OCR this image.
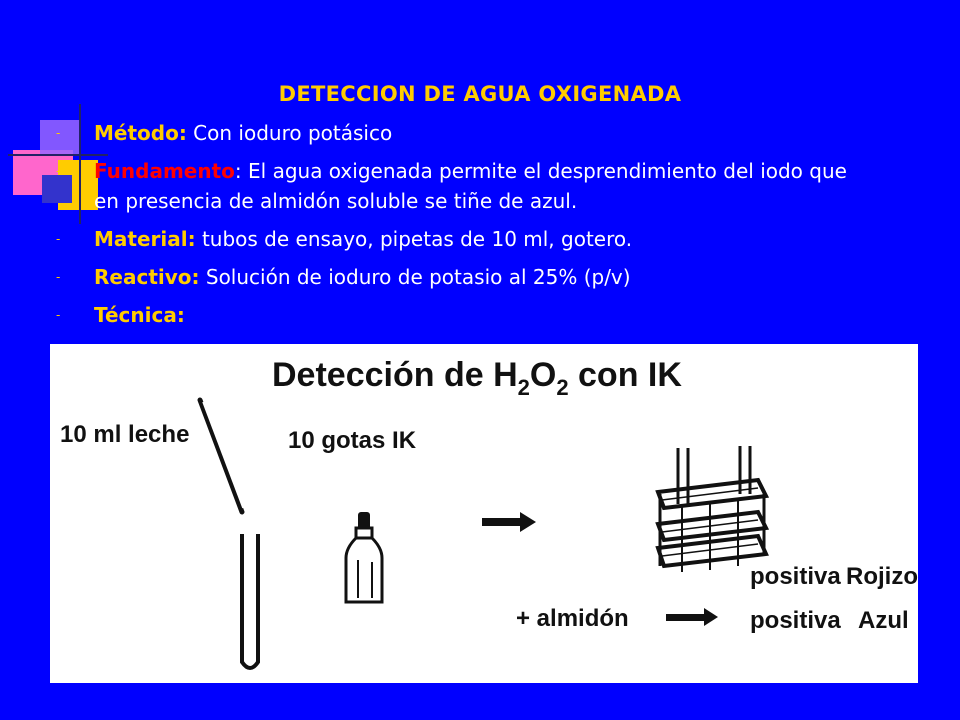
DETECCION DE AGUA OXIGENADA
- Método: Con ioduro potásico
- Fundamento: El agua oxigenada permite el desprendimiento del iodo que en presencia de almidón soluble se tiñe de azul.
- Material: tubos de ensayo, pipetas de 10 ml, gotero.
- Reactivo: Solución de ioduro de potasio al 25% (p/v)
- Técnica:
Detección de $H_2O_2$ con IK
10 ml leche	10 gotas IK
+ almidón
positiva Rojizo
positiva Azul
